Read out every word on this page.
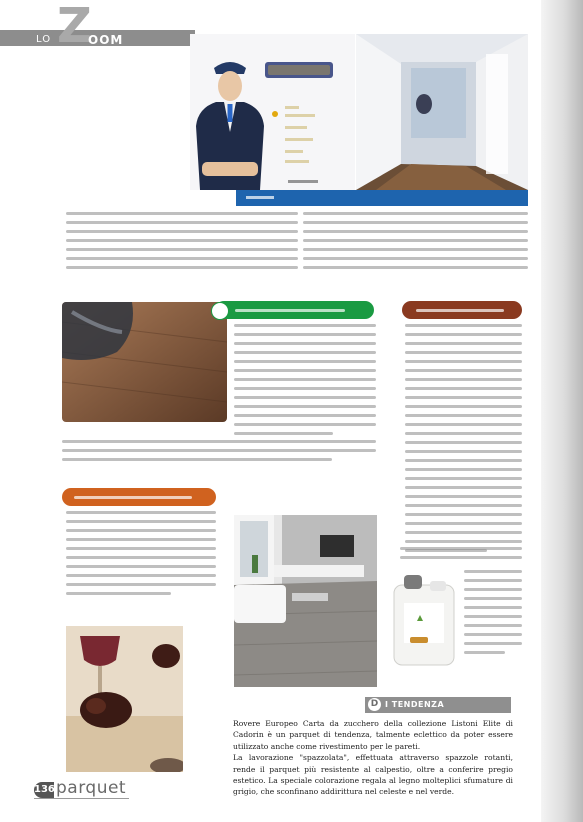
Z
LO	OOM
D I TENDENZA

Rovere Europeo Carta da zucchero della collezione Listoni Elite di Cadorin è un parquet di tendenza, talmente eclettico da poter essere utilizzato anche come rivestimento per le pareti.

La lavorazione "spazzolata", effettuata attraverso spazzole rotanti, rende il parquet più resistente al calpestio, oltre a conferire pregio estetico. La speciale colorazione regala al legno molteplici sfumature di grigio, che sconfinano addirittura nel celeste e nel verde.

136 parquet
